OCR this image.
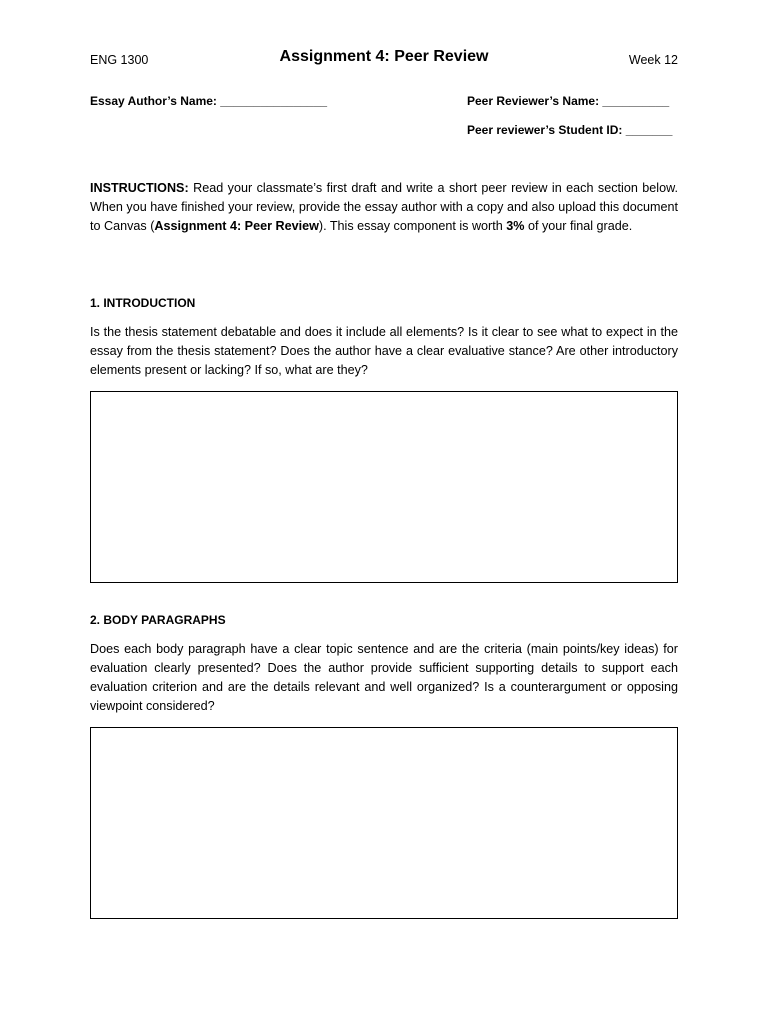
ENG 1300	Assignment 4: Peer Review	Week 12
Essay Author’s Name: ________________	Peer Reviewer’s Name: __________
Peer reviewer’s Student ID: _______
INSTRUCTIONS: Read your classmate’s first draft and write a short peer review in each section below. When you have finished your review, provide the essay author with a copy and also upload this document to Canvas (Assignment 4: Peer Review). This essay component is worth 3% of your final grade.
1. INTRODUCTION
Is the thesis statement debatable and does it include all elements? Is it clear to see what to expect in the essay from the thesis statement? Does the author have a clear evaluative stance? Are other introductory elements present or lacking? If so, what are they?
2. BODY PARAGRAPHS
Does each body paragraph have a clear topic sentence and are the criteria (main points/key ideas) for evaluation clearly presented? Does the author provide sufficient supporting details to support each evaluation criterion and are the details relevant and well organized? Is a counterargument or opposing viewpoint considered?
